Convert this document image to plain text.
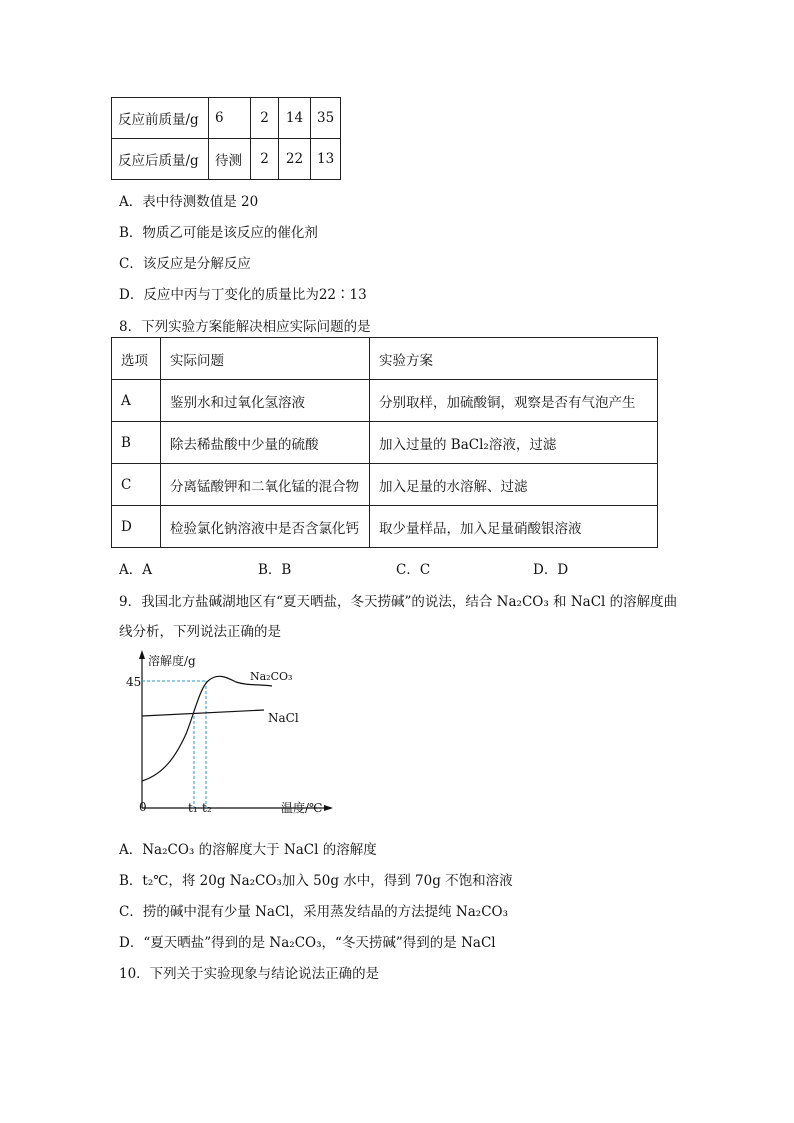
反应前质量/g	6	2	14	35
反应后质量/g	待测	2	22	13
A．表中待测数值是 20
B．物质乙可能是该反应的催化剂
C．该反应是分解反应
D．反应中丙与丁变化的质量比为22∶13
8．下列实验方案能解决相应实际问题的是
选项	实际问题	实验方案
A	鉴别水和过氧化氢溶液	分别取样，加硫酸铜，观察是否有气泡产生
B	除去稀盐酸中少量的硫酸	加入过量的 BaCl₂溶液，过滤
C	分离锰酸钾和二氧化锰的混合物	加入足量的水溶解、过滤
D	检验氯化钠溶液中是否含氯化钙	取少量样品，加入足量硝酸银溶液
A．A	B．B	C．C	D．D
9．我国北方盐碱湖地区有“夏天晒盐，冬天捞碱”的说法，结合 Na₂CO₃ 和 NaCl 的溶解度曲
线分析，下列说法正确的是
溶解度/g
45	Na₂CO₃
NaCl
0	t₁ t₂	温度/℃
A．Na₂CO₃ 的溶解度大于 NaCl 的溶解度
B．t₂℃，将 20g Na₂CO₃加入 50g 水中，得到 70g 不饱和溶液
C．捞的碱中混有少量 NaCl，采用蒸发结晶的方法提纯 Na₂CO₃
D．“夏天晒盐”得到的是 Na₂CO₃，“冬天捞碱”得到的是 NaCl
10．下列关于实验现象与结论说法正确的是
